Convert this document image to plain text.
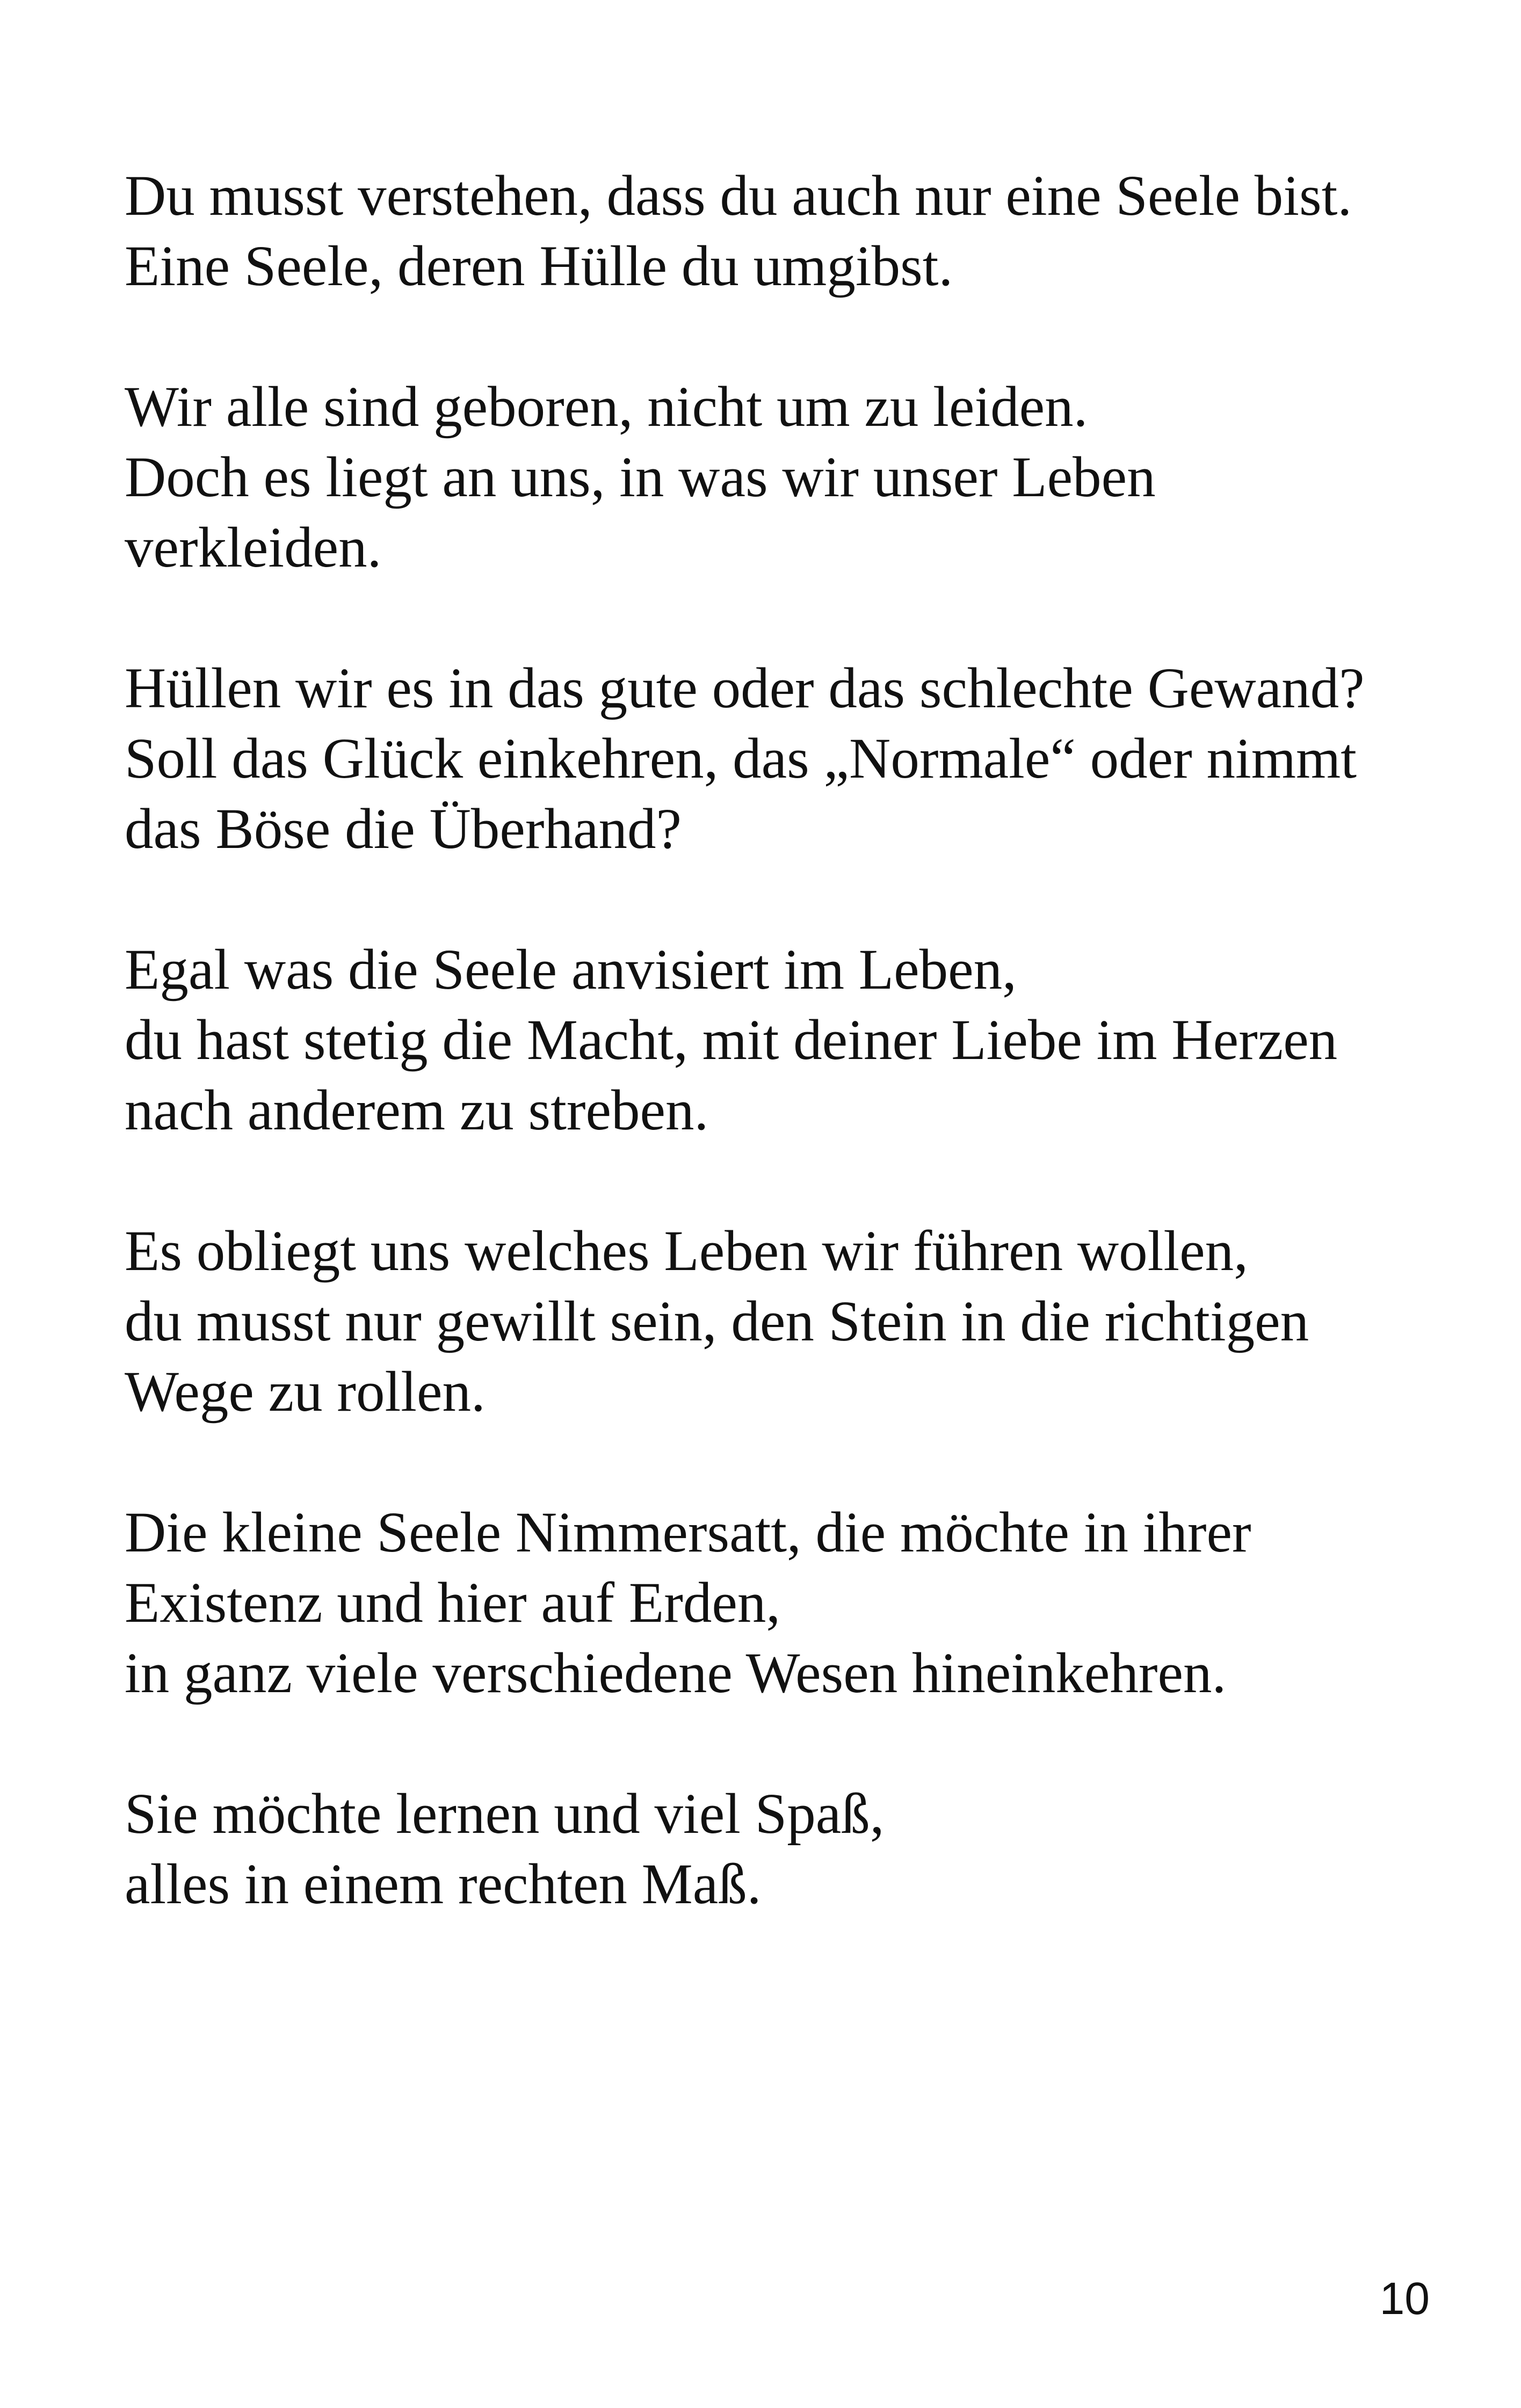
Du musst verstehen, dass du auch nur eine Seele bist.
Eine Seele, deren Hülle du umgibst.
Wir alle sind geboren, nicht um zu leiden.
Doch es liegt an uns, in was wir unser Leben
verkleiden.
Hüllen wir es in das gute oder das schlechte Gewand?
Soll das Glück einkehren, das „Normale“ oder nimmt
das Böse die Überhand?
Egal was die Seele anvisiert im Leben,
du hast stetig die Macht, mit deiner Liebe im Herzen
nach anderem zu streben.
Es obliegt uns welches Leben wir führen wollen,
du musst nur gewillt sein, den Stein in die richtigen
Wege zu rollen.
Die kleine Seele Nimmersatt, die möchte in ihrer
Existenz und hier auf Erden,
in ganz viele verschiedene Wesen hineinkehren.
Sie möchte lernen und viel Spaß,
alles in einem rechten Maß.
10
